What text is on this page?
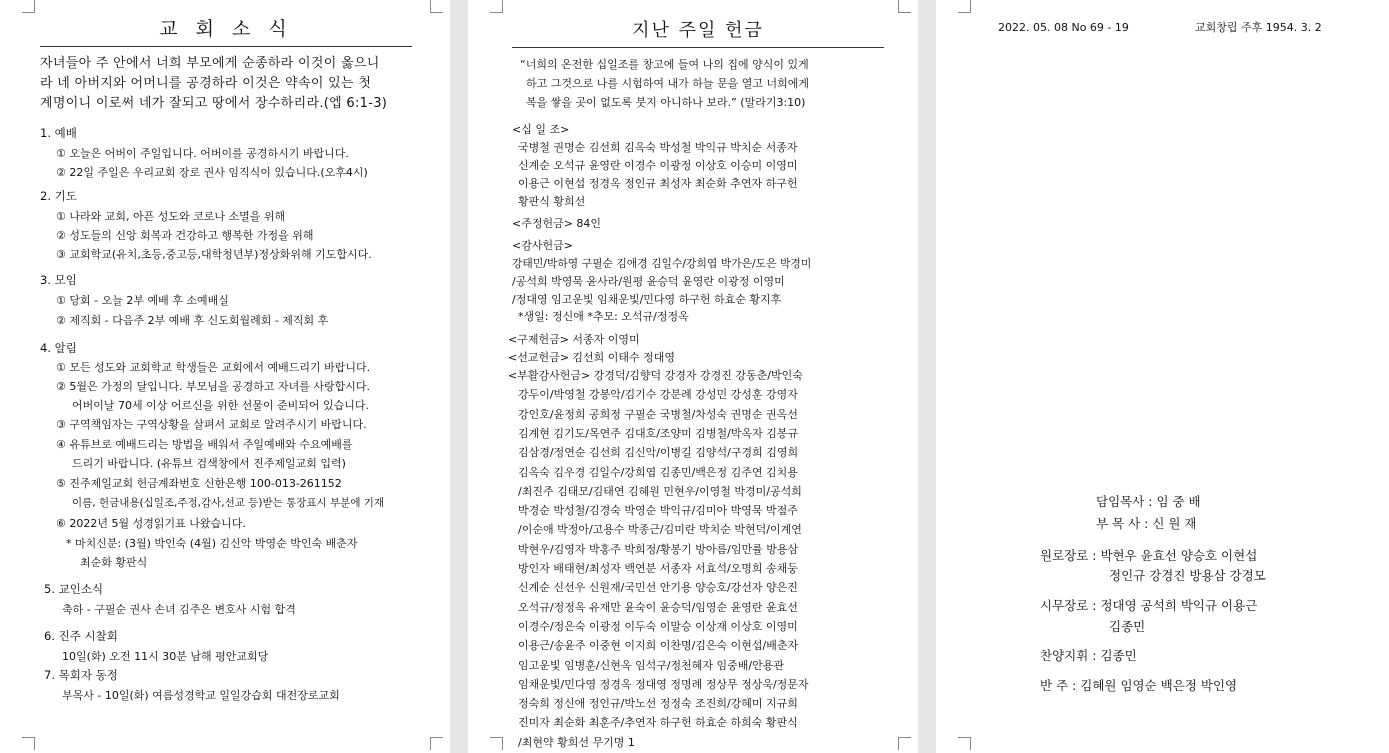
교 회 소 식
자녀들아 주 안에서 너희 부모에게 순종하라 이것이 옳으니
라 네 아버지와 어머니를 공경하라 이것은 약속이 있는 첫
계명이니 이로써 네가 잘되고 땅에서 장수하리라.(엡 6:1-3)
1. 예배
① 오늘은 어버이 주일입니다. 어버이를 공경하시기 바랍니다.
② 22일 주일은 우리교회 장로 권사 임직식이 있습니다.(오후4시)
2. 기도
① 나라와 교회, 아픈 성도와 코로나 소멸을 위해
② 성도들의 신앙 회복과 건강하고 행복한 가정을 위해
③ 교회학교(유치,초등,중고등,대학청년부)정상화위해 기도합시다.
3. 모임
① 당회 - 오늘 2부 예배 후 소예배실
② 제직회 - 다음주 2부 예배 후 신도회월례회 - 제직회 후
4. 알림
① 모든 성도와 교회학교 학생들은 교회에서 예배드리기 바랍니다.
② 5월은 가정의 달입니다. 부모님을 공경하고 자녀를 사랑합시다.
어버이날 70세 이상 어르신을 위한 선물이 준비되어 있습니다.
③ 구역책임자는 구역상황을 살펴서 교회로 알려주시기 바랍니다.
④ 유튜브로 예배드리는 방법을 배워서 주일예배와 수요예배를
드리기 바랍니다. (유튜브 검색창에서 진주제일교회 입력)
⑤ 진주제일교회 헌금계좌번호 신한은행 100-013-261152
이름, 헌금내용(십일조,주정,감사,선교 등)받는 통장표시 부분에 기재
⑥ 2022년 5월 성경읽기표 나왔습니다.
* 마치신분: (3월) 박인숙 (4월) 김신악 박영순 박인숙 배춘자
최순화 황판식
5. 교인소식
축하 - 구필순 권사 손녀 김주은 변호사 시험 합격
6. 진주 시찰회
10일(화) 오전 11시 30분 남해 평안교회당
7. 목회자 동정
부목사 - 10일(화) 여름성경학교 일일강습회 대전장로교회
지난 주일 헌금
“너희의 온전한 십일조를 창고에 들여 나의 집에 양식이 있게
하고 그것으로 나를 시험하여 내가 하늘 문을 열고 너희에게
복을 쌓을 곳이 없도록 붓지 아니하나 보라.” (말라기3:10)
<십 일 조>
국병철 권명순 김선희 김옥숙 박성철 박익규 박치순 서종자
신계순 오석규 윤영란 이경수 이광정 이상호 이승미 이영미
이용근 이현섭 정경옥 정인규 최성자 최순화 추연자 하구헌
황판식 황희선
<주정헌금> 84인
<감사헌금>
강태민/박하영 구필순 김애경 김일수/강희엽 박가은/도은 박경미
/공석희 박영묵 윤사라/원평 윤승덕 윤영란 이광정 이영미
/정대영 임고운빛 임채운빛/민다영 하구헌 하효순 황지후
*생일: 정신애 *추모: 오석규/정정옥
<구제헌금> 서종자 이영미
<선교헌금> 김선희 이태수 정대영
<부활감사헌금> 강경덕/김향덕 강경자 강경진 강동춘/박인숙
강두이/박영철 강봉악/김기수 강분례 강성민 강성훈 강영자
강인호/윤정희 공희정 구필순 국병철/차성숙 권명순 권옥선
김계현 김기도/목연주 김대호/조양미 김병철/박옥자 김봉규
김삼경/정연순 김선희 김신악/이병길 김양석/구경희 김영희
김옥숙 김우경 김일수/강희엽 김종민/백은정 김주연 김치용
/최진주 김태모/김태연 김혜원 민현우/이영철 박경미/공석희
박경순 박성철/김경숙 박영순 박익규/김미아 박영묵 박점주
/이순애 박정아/고용수 박종근/김미란 박치순 박현덕/이계연
박현우/김영자 박홍주 박희정/황봉기 방아름/임만률 방용삼
방인자 배태현/최성자 백연분 서종자 서효석/오명희 송채둥
신계순 신선우 신원재/국민선 안기용 양승호/강선자 양은진
오석규/정정옥 유재만 윤숙이 윤승덕/임영순 윤영란 윤효선
이경수/정은숙 이광정 이두숙 이말승 이상재 이상호 이영미
이용근/송윤주 이중현 이지희 이찬명/김은숙 이현섭/배춘자
임고운빛 임병훈/신현옥 임석구/정천혜자 임중배/안용관
임채운빛/민다영 정경옥 정대영 정명례 정상무 정상욱/정문자
정숙희 정신애 정인규/박노선 정정숙 조진희/강혜미 지규희
진미자 최순화 최훈주/추연자 하구헌 하효순 하희숙 황판식
/최현약 황희선 무기명 1
2022. 05. 08 No 69 - 19	교회창립 주후 1954. 3. 2
담임목사 : 임 중 배
부 목 사 : 신 원 재
원로장로 : 박현우 윤효선 양승호 이현섭
정인규 강경진 방용삼 강경모
시무장로 : 정대영 공석희 박익규 이용근
김종민
찬양지휘 : 김종민
반 주 : 김혜원 임영순 백은정 박인영
